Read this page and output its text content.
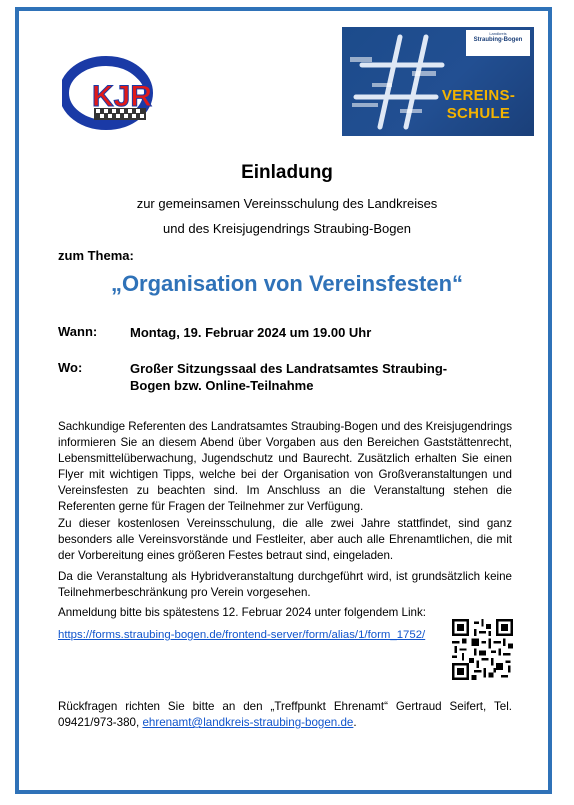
KJR
Landkreis
Straubing-Bogen
VEREINS-
SCHULE
Einladung
zur gemeinsamen Vereinsschulung des Landkreises
und des Kreisjugendrings Straubing-Bogen
zum Thema:
„Organisation von Vereinsfesten“
Wann:	Montag, 19. Februar 2024 um 19.00 Uhr
Wo:	Großer Sitzungssaal des Landratsamtes Straubing-Bogen bzw. Online-Teilnahme
Sachkundige Referenten des Landratsamtes Straubing-Bogen und des Kreisjugendrings informieren Sie an diesem Abend über Vorgaben aus den Bereichen Gaststättenrecht, Lebensmittelüberwachung, Jugendschutz und Baurecht. Zusätzlich erhalten Sie einen Flyer mit wichtigen Tipps, welche bei der Organisation von Großveranstaltungen und Vereinsfesten zu beachten sind. Im Anschluss an die Veranstaltung stehen die Referenten gerne für Fragen der Teilnehmer zur Verfügung.
Zu dieser kostenlosen Vereinsschulung, die alle zwei Jahre stattfindet, sind ganz besonders alle Vereinsvorstände und Festleiter, aber auch alle Ehrenamtlichen, die mit der Vorbereitung eines größeren Festes betraut sind, eingeladen.
Da die Veranstaltung als Hybridveranstaltung durchgeführt wird, ist grundsätzlich keine Teilnehmerbeschränkung pro Verein vorgesehen.
Anmeldung bitte bis spätestens 12. Februar 2024 unter folgendem Link:
https://forms.straubing-bogen.de/frontend-server/form/alias/1/form_1752/
Rückfragen richten Sie bitte an den „Treffpunkt Ehrenamt“ Gertraud Seifert, Tel. 09421/973-380, ehrenamt@landkreis-straubing-bogen.de.
